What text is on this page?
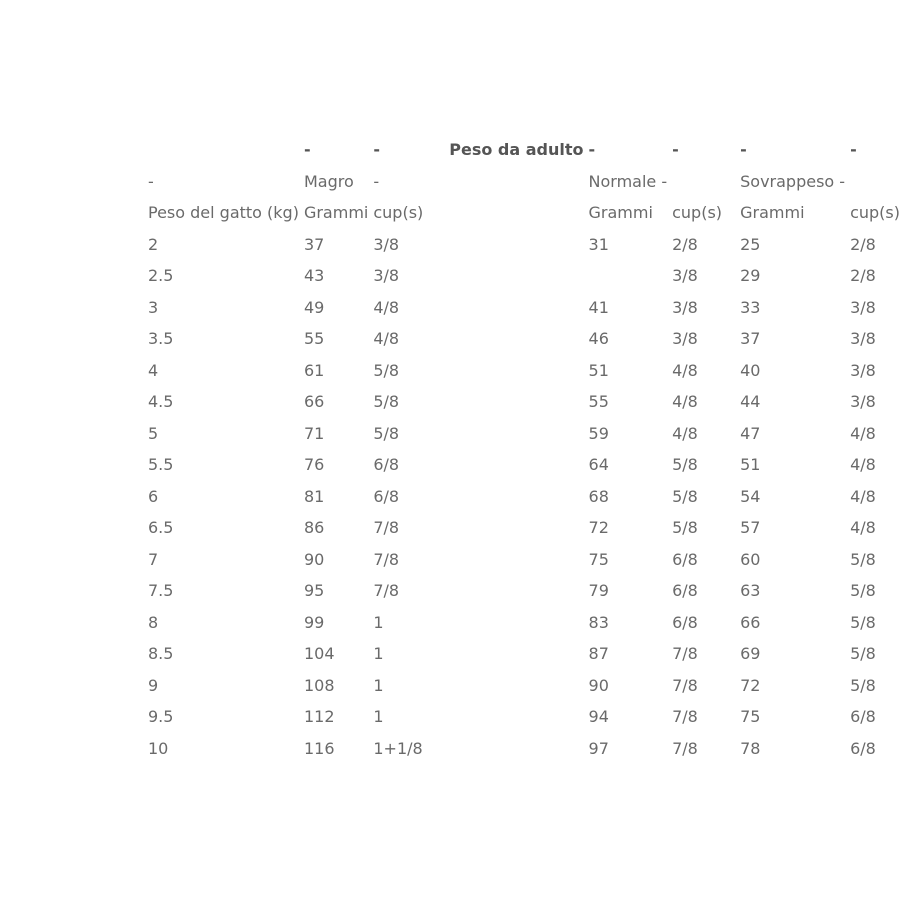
	-	-	Peso da adulto	-	-	-	-
-	Magro	-		Normale -		Sovrappeso -	
Peso del gatto (kg)	Grammi	cup(s)		Grammi	cup(s)	Grammi	cup(s)
2	37	3/8		31	2/8	25	2/8
2.5	43	3/8			3/8	29	2/8
3	49	4/8		41	3/8	33	3/8
3.5	55	4/8		46	3/8	37	3/8
4	61	5/8		51	4/8	40	3/8
4.5	66	5/8		55	4/8	44	3/8
5	71	5/8		59	4/8	47	4/8
5.5	76	6/8		64	5/8	51	4/8
6	81	6/8		68	5/8	54	4/8
6.5	86	7/8		72	5/8	57	4/8
7	90	7/8		75	6/8	60	5/8
7.5	95	7/8		79	6/8	63	5/8
8	99	1		83	6/8	66	5/8
8.5	104	1		87	7/8	69	5/8
9	108	1		90	7/8	72	5/8
9.5	112	1		94	7/8	75	6/8
10	116	1+1/8		97	7/8	78	6/8
